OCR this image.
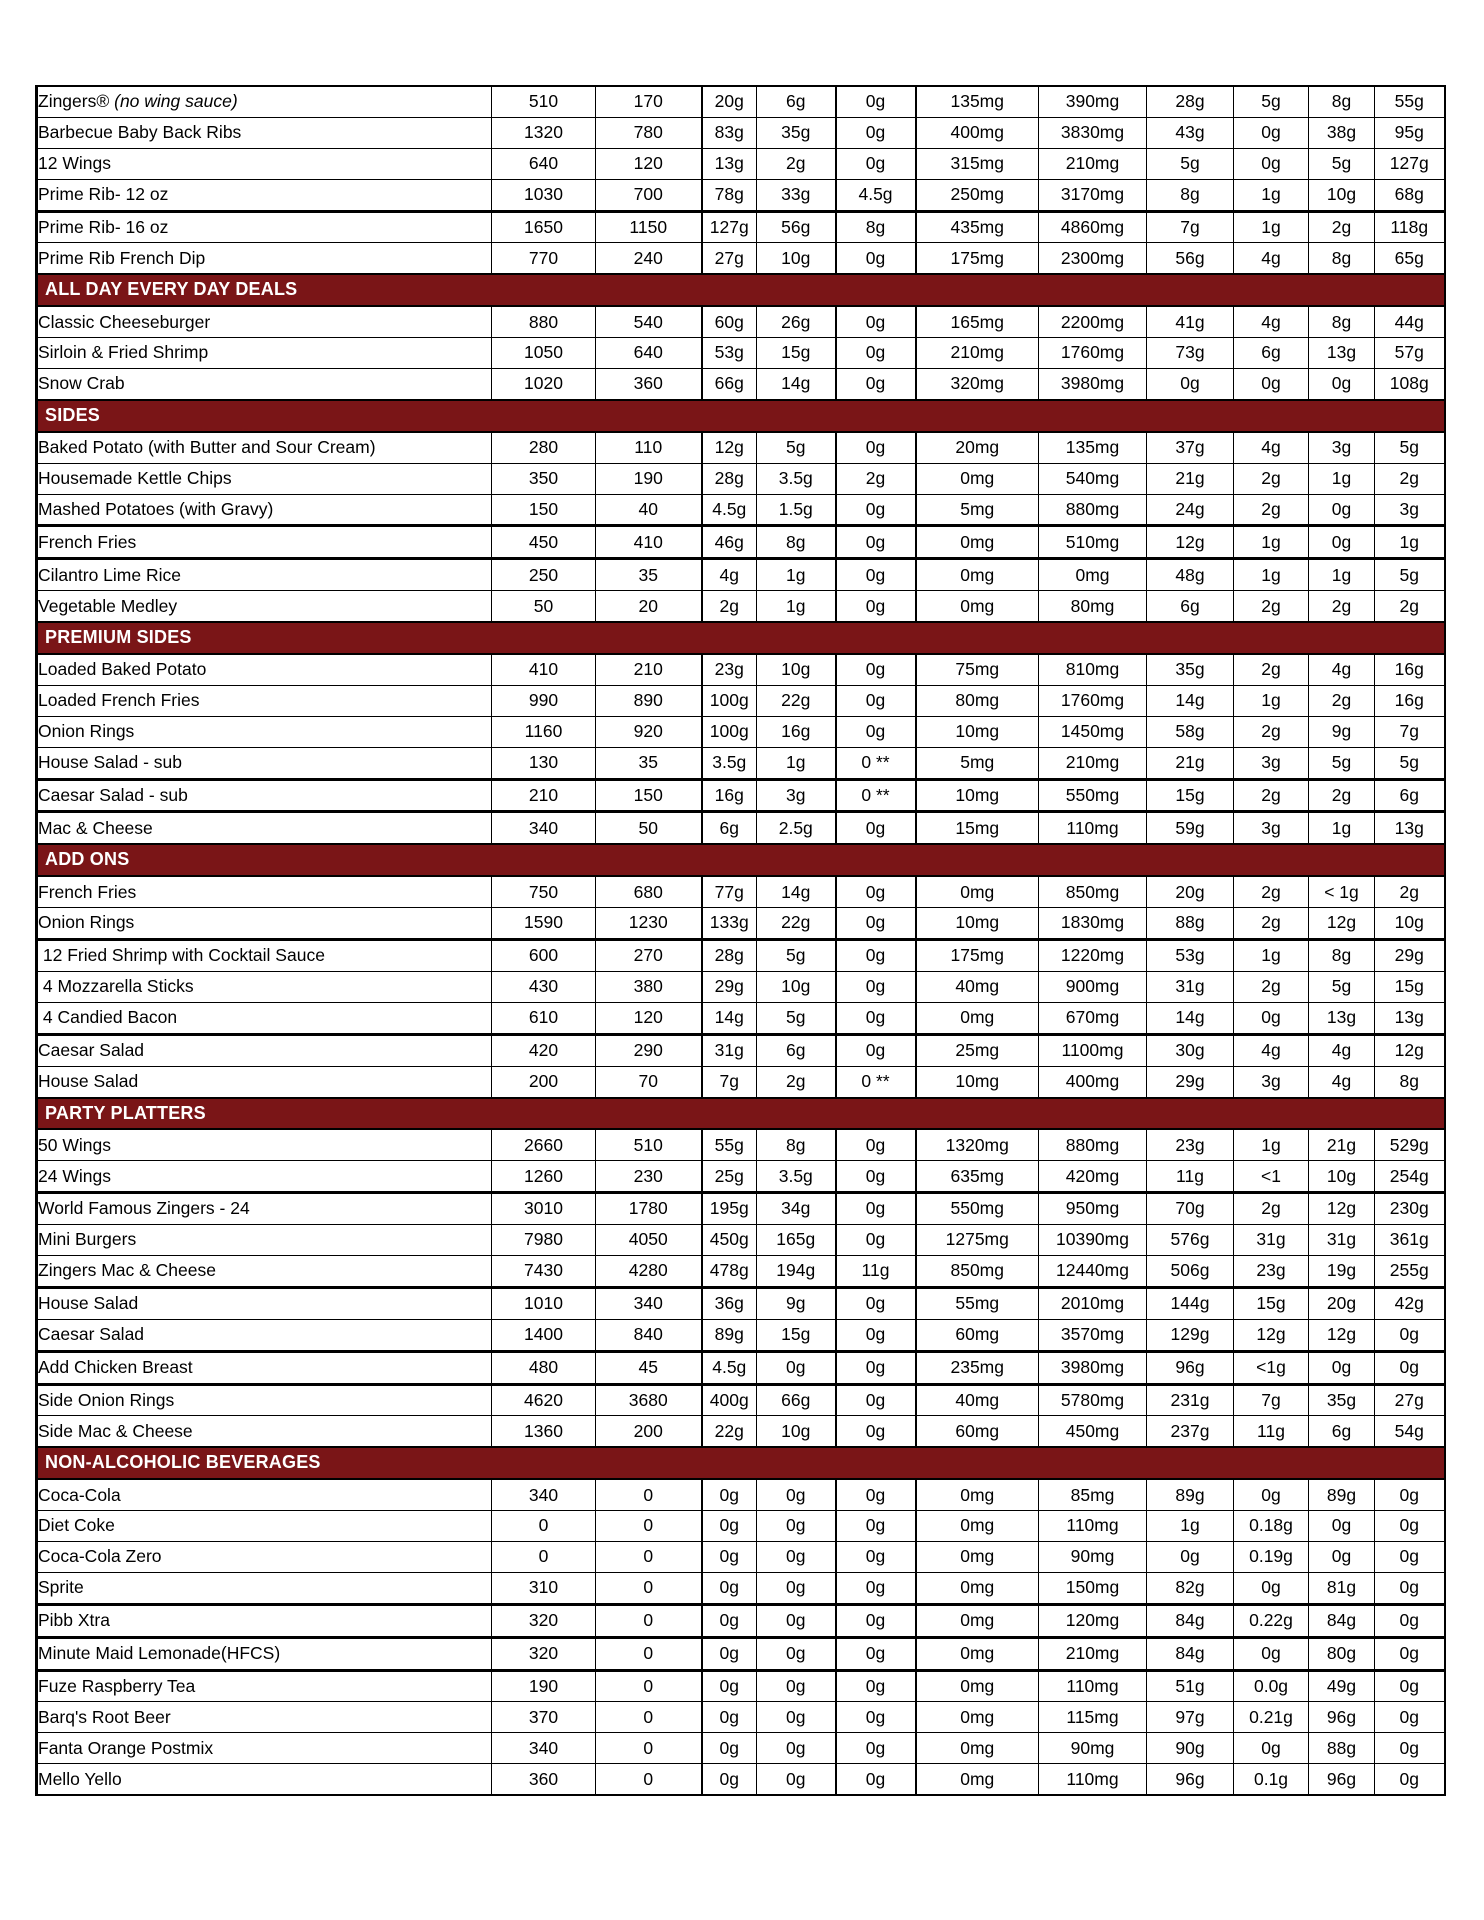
Zingers® (no wing sauce)	510	170	20g	6g	0g	135mg	390mg	28g	5g	8g	55g
Barbecue Baby Back Ribs	1320	780	83g	35g	0g	400mg	3830mg	43g	0g	38g	95g
12 Wings	640	120	13g	2g	0g	315mg	210mg	5g	0g	5g	127g
Prime Rib- 12 oz	1030	700	78g	33g	4.5g	250mg	3170mg	8g	1g	10g	68g
Prime Rib- 16 oz	1650	1150	127g	56g	8g	435mg	4860mg	7g	1g	2g	118g
Prime Rib French Dip	770	240	27g	10g	0g	175mg	2300mg	56g	4g	8g	65g
ALL DAY EVERY DAY DEALS											
Classic Cheeseburger	880	540	60g	26g	0g	165mg	2200mg	41g	4g	8g	44g
Sirloin & Fried Shrimp	1050	640	53g	15g	0g	210mg	1760mg	73g	6g	13g	57g
Snow Crab	1020	360	66g	14g	0g	320mg	3980mg	0g	0g	0g	108g
SIDES											
Baked Potato (with Butter and Sour Cream)	280	110	12g	5g	0g	20mg	135mg	37g	4g	3g	5g
Housemade Kettle Chips	350	190	28g	3.5g	2g	0mg	540mg	21g	2g	1g	2g
Mashed Potatoes (with Gravy)	150	40	4.5g	1.5g	0g	5mg	880mg	24g	2g	0g	3g
French Fries	450	410	46g	8g	0g	0mg	510mg	12g	1g	0g	1g
Cilantro Lime Rice	250	35	4g	1g	0g	0mg	0mg	48g	1g	1g	5g
Vegetable Medley	50	20	2g	1g	0g	0mg	80mg	6g	2g	2g	2g
PREMIUM SIDES											
Loaded Baked Potato	410	210	23g	10g	0g	75mg	810mg	35g	2g	4g	16g
Loaded French Fries	990	890	100g	22g	0g	80mg	1760mg	14g	1g	2g	16g
Onion Rings	1160	920	100g	16g	0g	10mg	1450mg	58g	2g	9g	7g
House Salad - sub	130	35	3.5g	1g	0 **	5mg	210mg	21g	3g	5g	5g
Caesar Salad - sub	210	150	16g	3g	0 **	10mg	550mg	15g	2g	2g	6g
Mac & Cheese	340	50	6g	2.5g	0g	15mg	110mg	59g	3g	1g	13g
ADD ONS											
French Fries	750	680	77g	14g	0g	0mg	850mg	20g	2g	< 1g	2g
Onion Rings	1590	1230	133g	22g	0g	10mg	1830mg	88g	2g	12g	10g
12 Fried Shrimp with Cocktail Sauce	600	270	28g	5g	0g	175mg	1220mg	53g	1g	8g	29g
4 Mozzarella Sticks	430	380	29g	10g	0g	40mg	900mg	31g	2g	5g	15g
4 Candied Bacon	610	120	14g	5g	0g	0mg	670mg	14g	0g	13g	13g
Caesar Salad	420	290	31g	6g	0g	25mg	1100mg	30g	4g	4g	12g
House Salad	200	70	7g	2g	0 **	10mg	400mg	29g	3g	4g	8g
PARTY PLATTERS											
50 Wings	2660	510	55g	8g	0g	1320mg	880mg	23g	1g	21g	529g
24 Wings	1260	230	25g	3.5g	0g	635mg	420mg	11g	<1	10g	254g
World Famous Zingers - 24	3010	1780	195g	34g	0g	550mg	950mg	70g	2g	12g	230g
Mini Burgers	7980	4050	450g	165g	0g	1275mg	10390mg	576g	31g	31g	361g
Zingers Mac & Cheese	7430	4280	478g	194g	11g	850mg	12440mg	506g	23g	19g	255g
House Salad	1010	340	36g	9g	0g	55mg	2010mg	144g	15g	20g	42g
Caesar Salad	1400	840	89g	15g	0g	60mg	3570mg	129g	12g	12g	0g
Add Chicken Breast	480	45	4.5g	0g	0g	235mg	3980mg	96g	<1g	0g	0g
Side Onion Rings	4620	3680	400g	66g	0g	40mg	5780mg	231g	7g	35g	27g
Side Mac & Cheese	1360	200	22g	10g	0g	60mg	450mg	237g	11g	6g	54g
NON-ALCOHOLIC BEVERAGES											
Coca-Cola	340	0	0g	0g	0g	0mg	85mg	89g	0g	89g	0g
Diet Coke	0	0	0g	0g	0g	0mg	110mg	1g	0.18g	0g	0g
Coca-Cola Zero	0	0	0g	0g	0g	0mg	90mg	0g	0.19g	0g	0g
Sprite	310	0	0g	0g	0g	0mg	150mg	82g	0g	81g	0g
Pibb Xtra	320	0	0g	0g	0g	0mg	120mg	84g	0.22g	84g	0g
Minute Maid Lemonade(HFCS)	320	0	0g	0g	0g	0mg	210mg	84g	0g	80g	0g
Fuze Raspberry Tea	190	0	0g	0g	0g	0mg	110mg	51g	0.0g	49g	0g
Barq's Root Beer	370	0	0g	0g	0g	0mg	115mg	97g	0.21g	96g	0g
Fanta Orange Postmix	340	0	0g	0g	0g	0mg	90mg	90g	0g	88g	0g
Mello Yello	360	0	0g	0g	0g	0mg	110mg	96g	0.1g	96g	0g
